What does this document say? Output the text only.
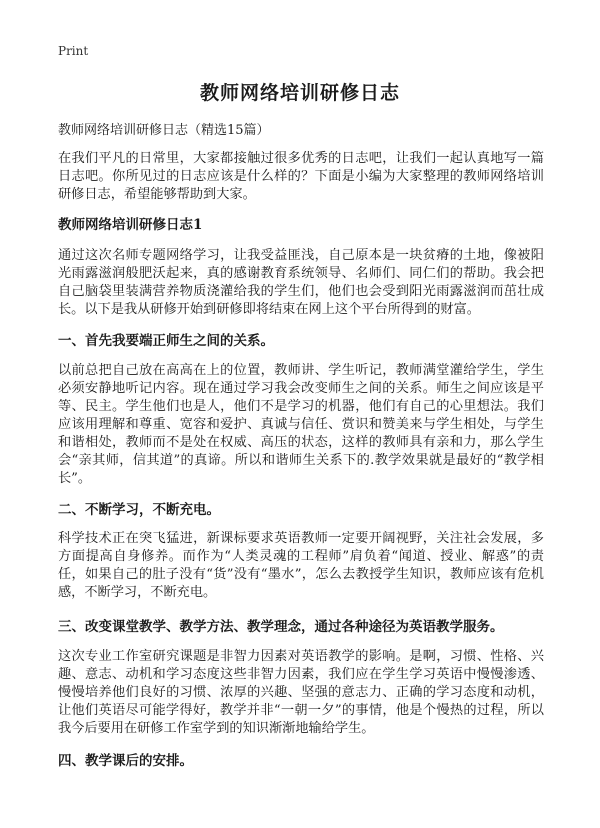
Print
教师网络培训研修日志
教师网络培训研修日志（精选15篇）
在我们平凡的日常里，大家都接触过很多优秀的日志吧，让我们一起认真地写一篇日志吧。你所见过的日志应该是什么样的？下面是小编为大家整理的教师网络培训研修日志，希望能够帮助到大家。
教师网络培训研修日志1
通过这次名师专题网络学习，让我受益匪浅，自己原本是一块贫瘠的土地，像被阳光雨露滋润般肥沃起来，真的感谢教育系统领导、名师们、同仁们的帮助。我会把自己脑袋里装满营养物质浇灌给我的学生们，他们也会受到阳光雨露滋润而茁壮成长。以下是我从研修开始到研修即将结束在网上这个平台所得到的财富。
一、首先我要端正师生之间的关系。
以前总把自己放在高高在上的位置，教师讲、学生听记，教师满堂灌给学生，学生必须安静地听记内容。现在通过学习我会改变师生之间的关系。师生之间应该是平等、民主。学生他们也是人，他们不是学习的机器，他们有自己的心里想法。我们应该用理解和尊重、宽容和爱护、真诚与信任、赏识和赞美来与学生相处，与学生和谐相处，教师而不是处在权威、高压的状态，这样的教师具有亲和力，那么学生会“亲其师，信其道”的真谛。所以和谐师生关系下的.教学效果就是最好的“教学相长”。
二、不断学习，不断充电。
科学技术正在突飞猛进，新课标要求英语教师一定要开阔视野，关注社会发展，多方面提高自身修养。而作为“人类灵魂的工程师”肩负着“闻道、授业、解惑”的责任，如果自己的肚子没有“货”没有“墨水”，怎么去教授学生知识，教师应该有危机感，不断学习，不断充电。
三、改变课堂教学、教学方法、教学理念，通过各种途径为英语教学服务。
这次专业工作室研究课题是非智力因素对英语教学的影响。是啊，习惯、性格、兴趣、意志、动机和学习态度这些非智力因素，我们应在学生学习英语中慢慢渗透、慢慢培养他们良好的习惯、浓厚的兴趣、坚强的意志力、正确的学习态度和动机，让他们英语尽可能学得好，教学并非“一朝一夕”的事情，他是个慢热的过程，所以我今后要用在研修工作室学到的知识渐渐地输给学生。
四、教学课后的安排。
